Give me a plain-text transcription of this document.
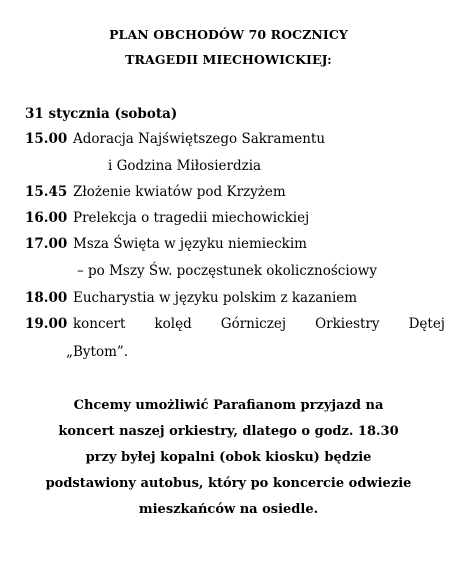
PLAN OBCHODÓW 70 ROCZNICY
TRAGEDII MIECHOWICKIEJ:
31 stycznia (sobota)
15.00 Adoracja Najświętszego Sakramentu
i Godzina Miłosierdzia
15.45 Złożenie kwiatów pod Krzyżem
16.00 Prelekcja o tragedii miechowickiej
17.00 Msza Święta w języku niemieckim
– po Mszy Św. poczęstunek okolicznościowy
18.00 Eucharystia w języku polskim z kazaniem
19.00 koncert kolęd Górniczej Orkiestry Dętej
„Bytom”.
Chcemy umożliwić Parafianom przyjazd na
koncert naszej orkiestry, dlatego o godz. 18.30
przy byłej kopalni (obok kiosku) będzie
podstawiony autobus, który po koncercie odwiezie
mieszkańców na osiedle.
